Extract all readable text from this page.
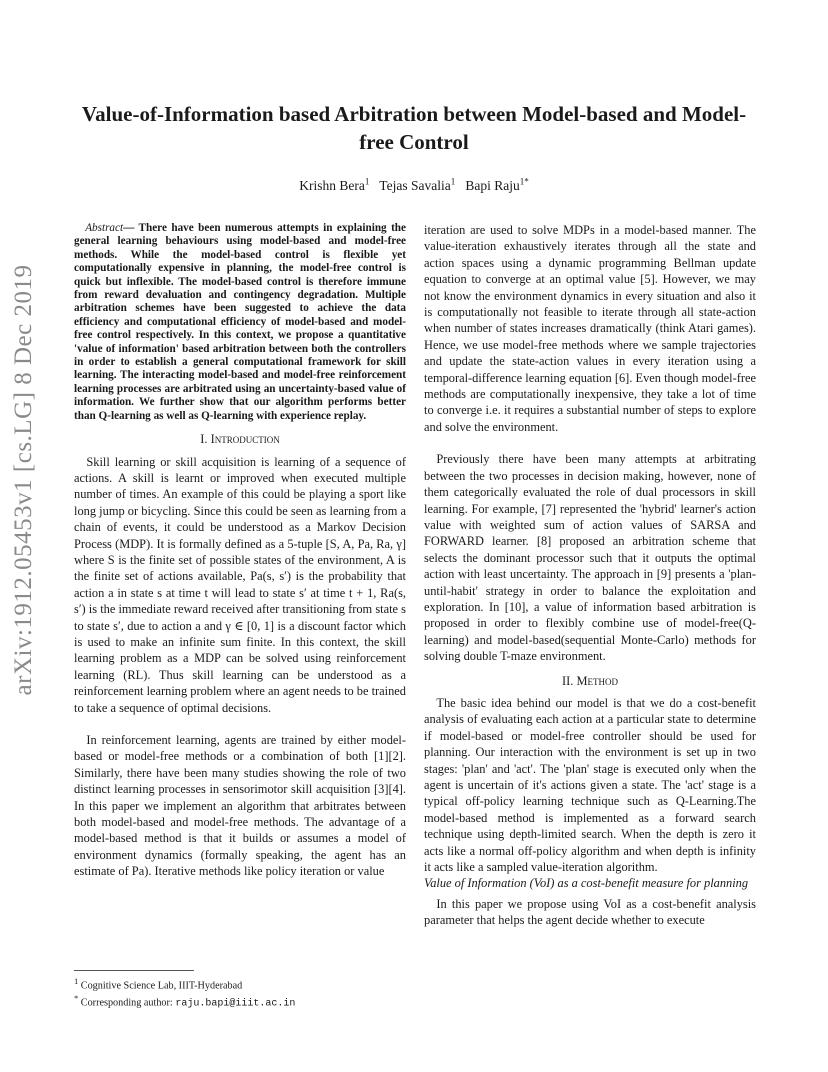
arXiv:1912.05453v1 [cs.LG] 8 Dec 2019
Value-of-Information based Arbitration between Model-based and Model-free Control
Krishn Bera$^1$ Tejas Savalia$^1$ Bapi Raju$^{1*}$

Abstract— There have been numerous attempts in explaining the general learning behaviours using model-based and model-free methods. While the model-based control is flexible yet computationally expensive in planning, the model-free control is quick but inflexible. The model-based control is therefore immune from reward devaluation and contingency degradation. Multiple arbitration schemes have been suggested to achieve the data efficiency and computational efficiency of model-based and model-free control respectively. In this context, we propose a quantitative 'value of information' based arbitration between both the controllers in order to establish a general computational framework for skill learning. The interacting model-based and model-free reinforcement learning processes are arbitrated using an uncertainty-based value of information. We further show that our algorithm performs better than Q-learning as well as Q-learning with experience replay.

I. Introduction

Skill learning or skill acquisition is learning of a sequence of actions. A skill is learnt or improved when executed multiple number of times. An example of this could be playing a sport like long jump or bicycling. Since this could be seen as learning from a chain of events, it could be understood as a Markov Decision Process (MDP). It is formally defined as a 5-tuple [S, A, Pa, Ra, γ] where S is the finite set of possible states of the environment, A is the finite set of actions available, Pa(s, s′) is the probability that action a in state s at time t will lead to state s′ at time t + 1, Ra(s, s′) is the immediate reward received after transitioning from state s to state s′, due to action a and γ ∈ [0, 1] is a discount factor which is used to make an infinite sum finite. In this context, the skill learning problem as a MDP can be solved using reinforcement learning (RL). Thus skill learning can be understood as a reinforcement learning problem where an agent needs to be trained to take a sequence of optimal decisions.

In reinforcement learning, agents are trained by either model-based or model-free methods or a combination of both [1][2]. Similarly, there have been many studies showing the role of two distinct learning processes in sensorimotor skill acquisition [3][4]. In this paper we implement an algorithm that arbitrates between both model-based and model-free methods. The advantage of a model-based method is that it builds or assumes a model of environment dynamics (formally speaking, the agent has an estimate of Pa). Iterative methods like policy iteration or value

iteration are used to solve MDPs in a model-based manner. The value-iteration exhaustively iterates through all the state and action spaces using a dynamic programming Bellman update equation to converge at an optimal value [5]. However, we may not know the environment dynamics in every situation and also it is computationally not feasible to iterate through all state-action when number of states increases dramatically (think Atari games). Hence, we use model-free methods where we sample trajectories and update the state-action values in every iteration using a temporal-difference learning equation [6]. Even though model-free methods are computationally inexpensive, they take a lot of time to converge i.e. it requires a substantial number of steps to explore and solve the environment.

Previously there have been many attempts at arbitrating between the two processes in decision making, however, none of them categorically evaluated the role of dual processors in skill learning. For example, [7] represented the 'hybrid' learner's action value with weighted sum of action values of SARSA and FORWARD learner. [8] proposed an arbitration scheme that selects the dominant processor such that it outputs the optimal action with least uncertainty. The approach in [9] presents a 'plan-until-habit' strategy in order to balance the exploitation and exploration. In [10], a value of information based arbitration is proposed in order to flexibly combine use of model-free(Q-learning) and model-based(sequential Monte-Carlo) methods for solving double T-maze environment.

II. Method

The basic idea behind our model is that we do a cost-benefit analysis of evaluating each action at a particular state to determine if model-based or model-free controller should be used for planning. Our interaction with the environment is set up in two stages: 'plan' and 'act'. The 'plan' stage is executed only when the agent is uncertain of it's actions given a state. The 'act' stage is a typical off-policy learning technique such as Q-Learning.The model-based method is implemented as a forward search technique using depth-limited search. When the depth is zero it acts like a normal off-policy algorithm and when depth is infinity it acts like a sampled value-iteration algorithm.

Value of Information (VoI) as a cost-benefit measure for planning

In this paper we propose using VoI as a cost-benefit analysis parameter that helps the agent decide whether to execute

$^1$ Cognitive Science Lab, IIIT-Hyderabad
* Corresponding author: raju.bapi@iiit.ac.in
